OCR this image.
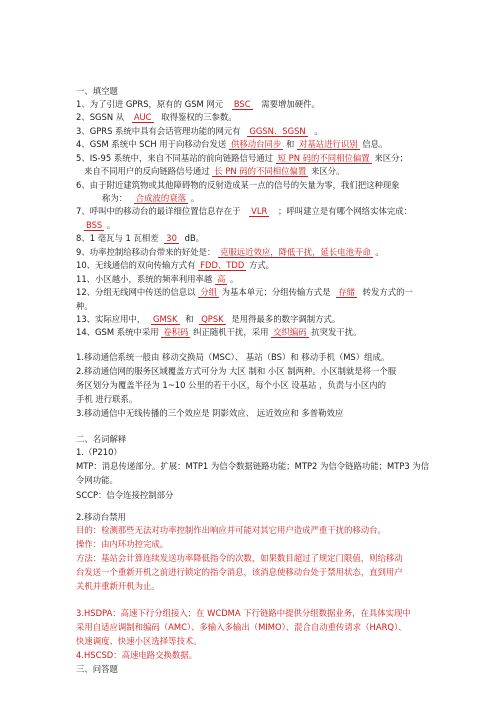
一、填空题
1、为了引进 GPRS，原有的 GSM 网元 BSC 需要增加硬件。
2、SGSN 从 AUC 取得鉴权的三参数。
3、GPRS 系统中具有会话管理功能的网元有 GGSN、SGSN 。
4、GSM 系统中 SCH 用于向移动台发送 供移动台同步 和 对基站进行识别 信息。
5、IS-95 系统中，来自不同基站的前向链路信号通过 短 PN 码的不同相位偏置 来区分；
来自不同用户的反向链路信号通过 长 PN 码的不同相位偏置 来区分。
6、由于附近建筑物或其他障碍物的反射造成某一点的信号的矢量为零，我们把这种现象
称为： 合成波的衰落 。
7、呼叫中的移动台的最详细位置信息存在于 VLR ；呼叫建立是有哪个网络实体完成：
BSS 。
8、1 毫瓦与 1 瓦相差 30 dB。
9、功率控制给移动台带来的好处是： 克服远近效应，降低干扰，延长电池寿命 。
10、无线通信的双向传输方式有 FDD、TDD 方式。
11、小区越小，系统的频率利用率越 高 。
12、分组无线网中传送的信息以 分组 为基本单元；分组传输方式是 存储 转发方式的一
种。
13、实际应用中， GMSK 和 QPSK 是用得最多的数字调制方式。
14、GSM 系统中采用 卷积码 纠正随机干扰，采用 交织编码 抗突发干扰。
1.移动通信系统一般由 移动交换局（MSC）、 基站（BS）和 移动手机（MS）组成。
2.移动通信网的服务区域覆盖方式可分为 大区 制和 小区 制两种。小区制就是将一个服
务区划分为覆盖半径为 1~10 公里的若干小区，每个小区 设基站 ，负责与小区内的
手机 进行联系。
3.移动通信中无线传播的三个效应是 阴影效应、 远近效应和 多普勒效应
二、名词解释
1.（P210）
MTP：消息传递部分。扩展：MTP1 为信令数据链路功能；MTP2 为信令链路功能；MTP3 为信
令网功能。
SCCP：信令连接控制部分
2.移动台禁用
目的：检测那些无法对功率控制作出响应并可能对其它用户造成严重干扰的移动台。
操作：由内环功控完成。
方法：基站会计算连续发送功率降低指令的次数，如果数目超过了规定门限值，则给移动
台发送一个重新开机之前进行锁定的指令消息，该消息使移动台处于禁用状态，直到用户
关机并重新开机为止。
3.HSDPA：高速下行分组接入；在 WCDMA 下行链路中提供分组数据业务，在具体实现中
采用自适应调制和编码（AMC）、多输入多输出（MIMO）、混合自动重传请求（HARQ）、
快速调度、快速小区选择等技术。
4.HSCSD：高速电路交换数据。
三、问答题
